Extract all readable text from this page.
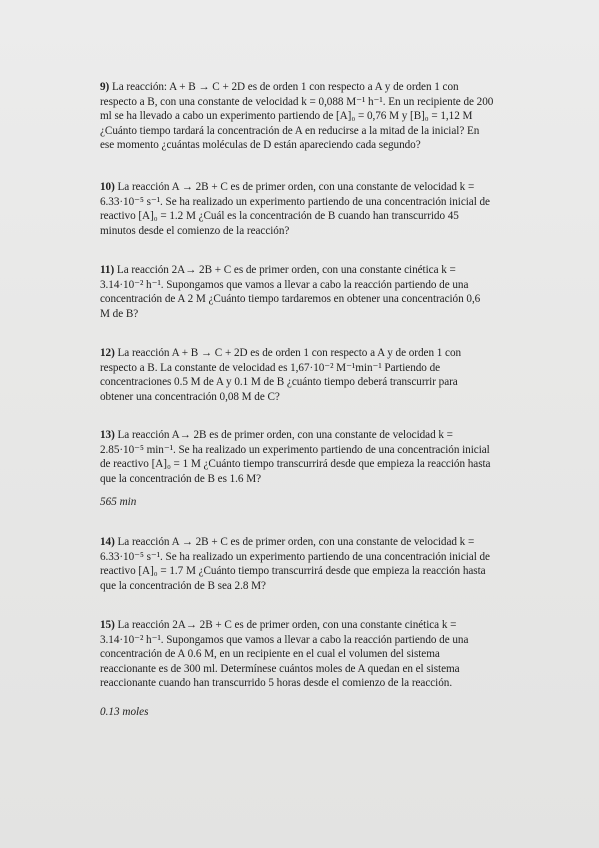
9) La reacción: A + B → C + 2D es de orden 1 con respecto a A y de orden 1 con

respecto a B, con una constante de velocidad k = 0,088 M⁻¹ h⁻¹. En un recipiente de 200

ml se ha llevado a cabo un experimento partiendo de [A]₀ = 0,76 M y [B]₀ = 1,12 M

¿Cuánto tiempo tardará la concentración de A en reducirse a la mitad de la inicial? En

ese momento ¿cuántas moléculas de D están apareciendo cada segundo?

10) La reacción A → 2B + C es de primer orden, con una constante de velocidad k =

6.33·10⁻⁵ s⁻¹. Se ha realizado un experimento partiendo de una concentración inicial de

reactivo [A]₀ = 1.2 M ¿Cuál es la concentración de B cuando han transcurrido 45

minutos desde el comienzo de la reacción?

11) La reacción 2A→ 2B + C es de primer orden, con una constante cinética k =

3.14·10⁻² h⁻¹. Supongamos que vamos a llevar a cabo la reacción partiendo de una

concentración de A 2 M ¿Cuánto tiempo tardaremos en obtener una concentración 0,6

M de B?

12) La reacción A + B → C + 2D es de orden 1 con respecto a A y de orden 1 con

respecto a B. La constante de velocidad es 1,67·10⁻² M⁻¹min⁻¹ Partiendo de

concentraciones 0.5 M de A y 0.1 M de B ¿cuánto tiempo deberá transcurrir para

obtener una concentración 0,08 M de C?

13) La reacción A→ 2B es de primer orden, con una constante de velocidad k =

2.85·10⁻⁵ min⁻¹. Se ha realizado un experimento partiendo de una concentración inicial

de reactivo [A]₀ = 1 M ¿Cuánto tiempo transcurrirá desde que empieza la reacción hasta

que la concentración de B es 1.6 M?

565 min

14) La reacción A → 2B + C es de primer orden, con una constante de velocidad k =

6.33·10⁻⁵ s⁻¹. Se ha realizado un experimento partiendo de una concentración inicial de

reactivo [A]₀ = 1.7 M ¿Cuánto tiempo transcurrirá desde que empieza la reacción hasta

que la concentración de B sea 2.8 M?

15) La reacción 2A→ 2B + C es de primer orden, con una constante cinética k =

3.14·10⁻² h⁻¹. Supongamos que vamos a llevar a cabo la reacción partiendo de una

concentración de A 0.6 M, en un recipiente en el cual el volumen del sistema

reaccionante es de 300 ml. Determínese cuántos moles de A quedan en el sistema

reaccionante cuando han transcurrido 5 horas desde el comienzo de la reacción.

0.13 moles
